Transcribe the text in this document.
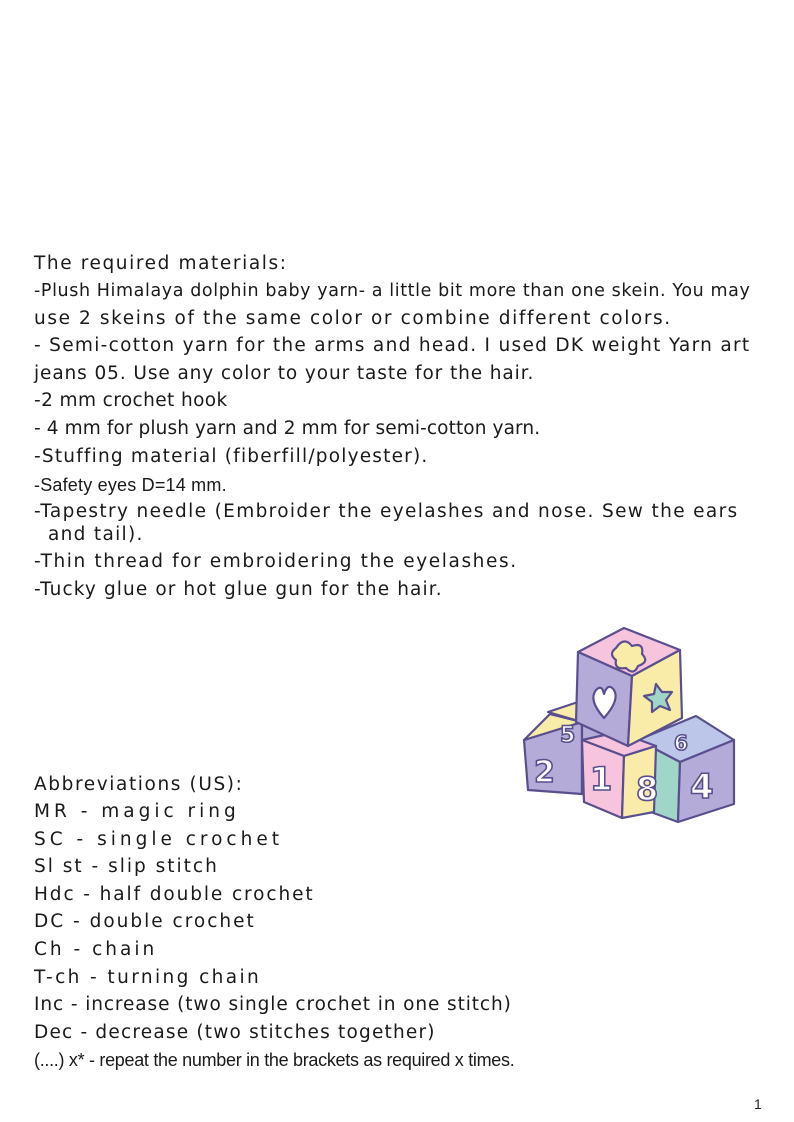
The required materials:
-Plush Himalaya dolphin baby yarn- a little bit more than one skein. You may
use 2 skeins of the same color or combine different colors.
- Semi-cotton yarn for the arms and head. I used DK weight Yarn art
jeans 05. Use any color to your taste for the hair.
-2 mm crochet hook
- 4 mm for plush yarn and 2 mm for semi-cotton yarn.
-Stuffing material (fiberfill/polyester).
-Safety eyes D=14 mm.
-Tapestry needle (Embroider the eyelashes and nose. Sew the ears
and tail).
-Thin thread for embroidering the eyelashes.
-Tucky glue or hot glue gun for the hair.
5
2 1 8
6
4
Abbreviations (US):
MR - magic ring
SC - single crochet
Sl st - slip stitch
Hdc - half double crochet
DC - double crochet
Ch - chain
T-ch - turning chain
Inc - increase (two single crochet in one stitch)
Dec - decrease (two stitches together)
(....) x* - repeat the number in the brackets as required x times.
1
